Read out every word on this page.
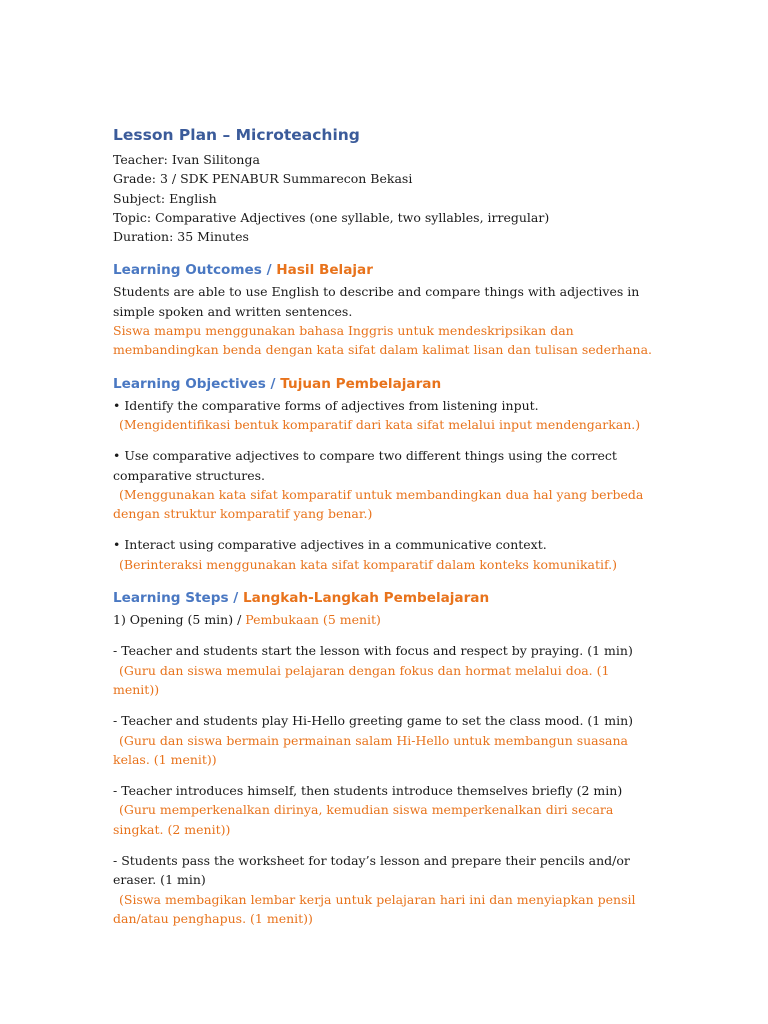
Lesson Plan – Microteaching

Teacher: Ivan Silitonga

Grade: 3 / SDK PENABUR Summarecon Bekasi

Subject: English

Topic: Comparative Adjectives (one syllable, two syllables, irregular)

Duration: 35 Minutes

Learning Outcomes / Hasil Belajar

Students are able to use English to describe and compare things with adjectives in simple spoken and written sentences.

Siswa mampu menggunakan bahasa Inggris untuk mendeskripsikan dan membandingkan benda dengan kata sifat dalam kalimat lisan dan tulisan sederhana.

Learning Objectives / Tujuan Pembelajaran

• Identify the comparative forms of adjectives from listening input.

(Mengidentifikasi bentuk komparatif dari kata sifat melalui input mendengarkan.)

• Use comparative adjectives to compare two different things using the correct comparative structures.

(Menggunakan kata sifat komparatif untuk membandingkan dua hal yang berbeda dengan struktur komparatif yang benar.)

• Interact using comparative adjectives in a communicative context.

(Berinteraksi menggunakan kata sifat komparatif dalam konteks komunikatif.)

Learning Steps / Langkah-Langkah Pembelajaran

1) Opening (5 min) / Pembukaan (5 menit)

- Teacher and students start the lesson with focus and respect by praying. (1 min)

(Guru dan siswa memulai pelajaran dengan fokus dan hormat melalui doa. (1 menit))

- Teacher and students play Hi-Hello greeting game to set the class mood. (1 min)

(Guru dan siswa bermain permainan salam Hi-Hello untuk membangun suasana kelas. (1 menit))

- Teacher introduces himself, then students introduce themselves briefly (2 min)

(Guru memperkenalkan dirinya, kemudian siswa memperkenalkan diri secara singkat. (2 menit))

- Students pass the worksheet for today’s lesson and prepare their pencils and/or eraser. (1 min)

(Siswa membagikan lembar kerja untuk pelajaran hari ini dan menyiapkan pensil dan/atau penghapus. (1 menit))
